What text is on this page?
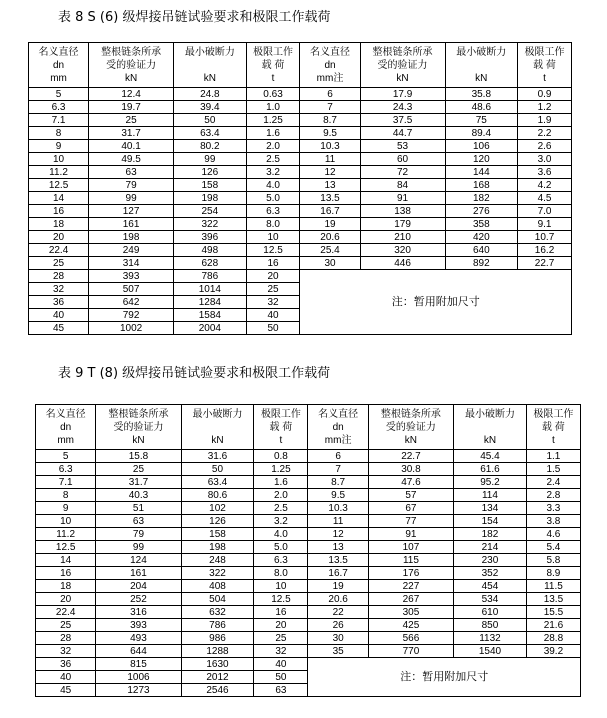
表 8 S (6) 级焊接吊链试验要求和极限工作载荷
名义直径
dn
mm	整根链条所承
受的验证力
kN	最小破断力

kN	极限工作
载 荷
t	名义直径
dn
mm注	整根链条所承
受的验证力
kN	最小破断力

kN	极限工作
载 荷
t

5	12.4	24.8	0.63	6	17.9	35.8	0.9
6.3	19.7	39.4	1.0	7	24.3	48.6	1.2
7.1	25	50	1.25	8.7	37.5	75	1.9
8	31.7	63.4	1.6	9.5	44.7	89.4	2.2
9	40.1	80.2	2.0	10.3	53	106	2.6
10	49.5	99	2.5	11	60	120	3.0
11.2	63	126	3.2	12	72	144	3.6
12.5	79	158	4.0	13	84	168	4.2
14	99	198	5.0	13.5	91	182	4.5
16	127	254	6.3	16.7	138	276	7.0
18	161	322	8.0	19	179	358	9.1
20	198	396	10	20.6	210	420	10.7
22.4	249	498	12.5	25.4	320	640	16.2
25	314	628	16	30	446	892	22.7
28	393	786	20	注：暂用附加尺寸			
32	507	1014	25				
36	642	1284	32				
40	792	1584	40				
45	1002	2004	50				
表 9 T (8) 级焊接吊链试验要求和极限工作载荷
名义直径
dn
mm	整根链条所承
受的验证力
kN	最小破断力

kN	极限工作
载 荷
t	名义直径
dn
mm注	整根链条所承
受的验证力
kN	最小破断力

kN	极限工作
载 荷
t

5	15.8	31.6	0.8	6	22.7	45.4	1.1
6.3	25	50	1.25	7	30.8	61.6	1.5
7.1	31.7	63.4	1.6	8.7	47.6	95.2	2.4
8	40.3	80.6	2.0	9.5	57	114	2.8
9	51	102	2.5	10.3	67	134	3.3
10	63	126	3.2	11	77	154	3.8
11.2	79	158	4.0	12	91	182	4.6
12.5	99	198	5.0	13	107	214	5.4
14	124	248	6.3	13.5	115	230	5.8
16	161	322	8.0	16.7	176	352	8.9
18	204	408	10	19	227	454	11.5
20	252	504	12.5	20.6	267	534	13.5
22.4	316	632	16	22	305	610	15.5
25	393	786	20	26	425	850	21.6
28	493	986	25	30	566	1132	28.8
32	644	1288	32	35	770	1540	39.2
36	815	1630	40	注：暂用附加尺寸			
40	1006	2012	50				
45	1273	2546	63				
